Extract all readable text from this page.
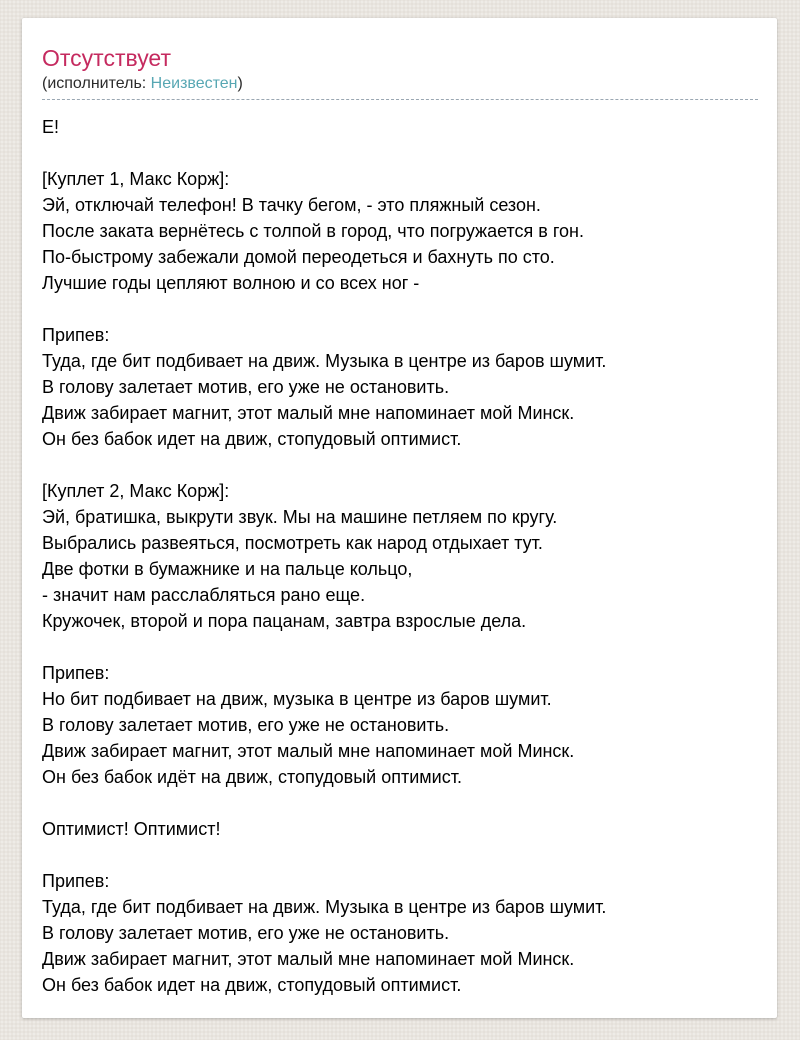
Отсутствует
(исполнитель: Неизвестен)
Е!
[Куплет 1, Макс Корж]:
Эй, отключай телефон! В тачку бегом, - это пляжный сезон.
После заката вернётесь с толпой в город, что погружается в гон.
По-быстрому забежали домой переодеться и бахнуть по сто.
Лучшие годы цепляют волною и со всех ног -
Припев:
Туда, где бит подбивает на движ. Музыка в центре из баров шумит.
В голову залетает мотив, его уже не остановить.
Движ забирает магнит, этот малый мне напоминает мой Минск.
Он без бабок идет на движ, стопудовый оптимист.
[Куплет 2, Макс Корж]:
Эй, братишка, выкрути звук. Мы на машине петляем по кругу.
Выбрались развеяться, посмотреть как народ отдыхает тут.
Две фотки в бумажнике и на пальце кольцо,
- значит нам расслабляться рано еще.
Кружочек, второй и пора пацанам, завтра взрослые дела.
Припев:
Но бит подбивает на движ, музыка в центре из баров шумит.
В голову залетает мотив, его уже не остановить.
Движ забирает магнит, этот малый мне напоминает мой Минск.
Он без бабок идёт на движ, стопудовый оптимист.
Оптимист! Оптимист!
Припев:
Туда, где бит подбивает на движ. Музыка в центре из баров шумит.
В голову залетает мотив, его уже не остановить.
Движ забирает магнит, этот малый мне напоминает мой Минск.
Он без бабок идет на движ, стопудовый оптимист.
